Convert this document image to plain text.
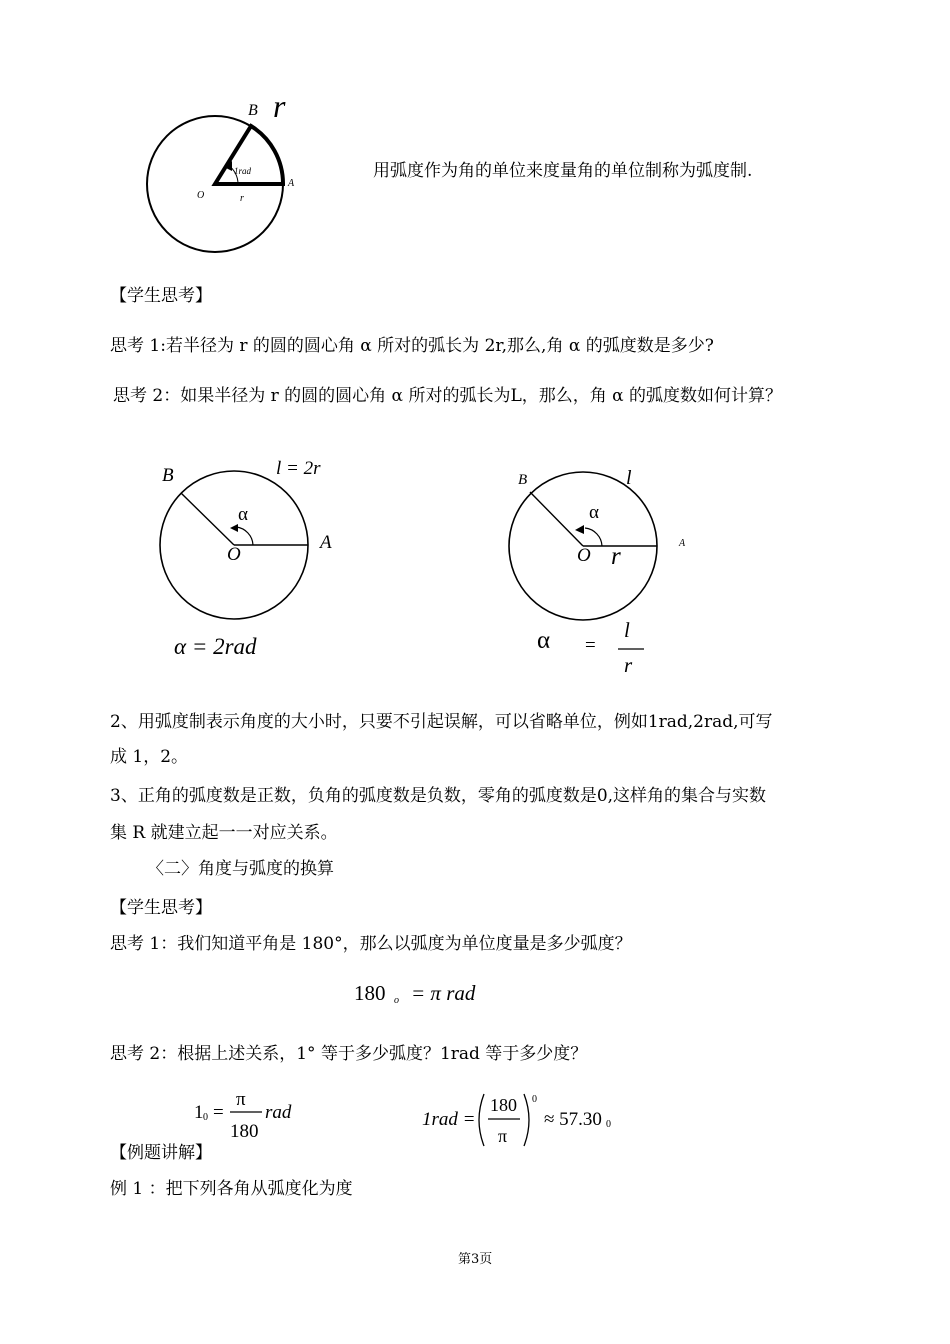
B r
1rad
O	r
A
用弧度作为角的单位来度量角的单位制称为弧度制.
【学生思考】
思考 1:若半径为 r 的圆的圆心角 α 所对的弧长为 2r,那么,角 α 的弧度数是多少?
思考 2：如果半径为 r 的圆的圆心角 α 所对的弧长为L，那么，角 α 的弧度数如何计算？
B	l = 2r
α
O
A
α = 2rad
B	l
α
O r	A
α =
l
r
2、用弧度制表示角度的大小时，只要不引起误解，可以省略单位，例如1rad,2rad,可写
成 1，2。
3、正角的弧度数是正数，负角的弧度数是负数，零角的弧度数是0,这样角的集合与实数
集 R 就建立起一一对应关系。
〈二〉角度与弧度的换算
【学生思考】
思考 1：我们知道平角是 180°，那么以弧度为单位度量是多少弧度？
180 o = π rad
思考 2：根据上述关系，1° 等于多少弧度？1rad 等于多少度？
1 0 =
π
180
rad	1rad =
180
π
0
≈ 57.30 0
【例题讲解】
例 1 ：把下列各角从弧度化为度
第3页
